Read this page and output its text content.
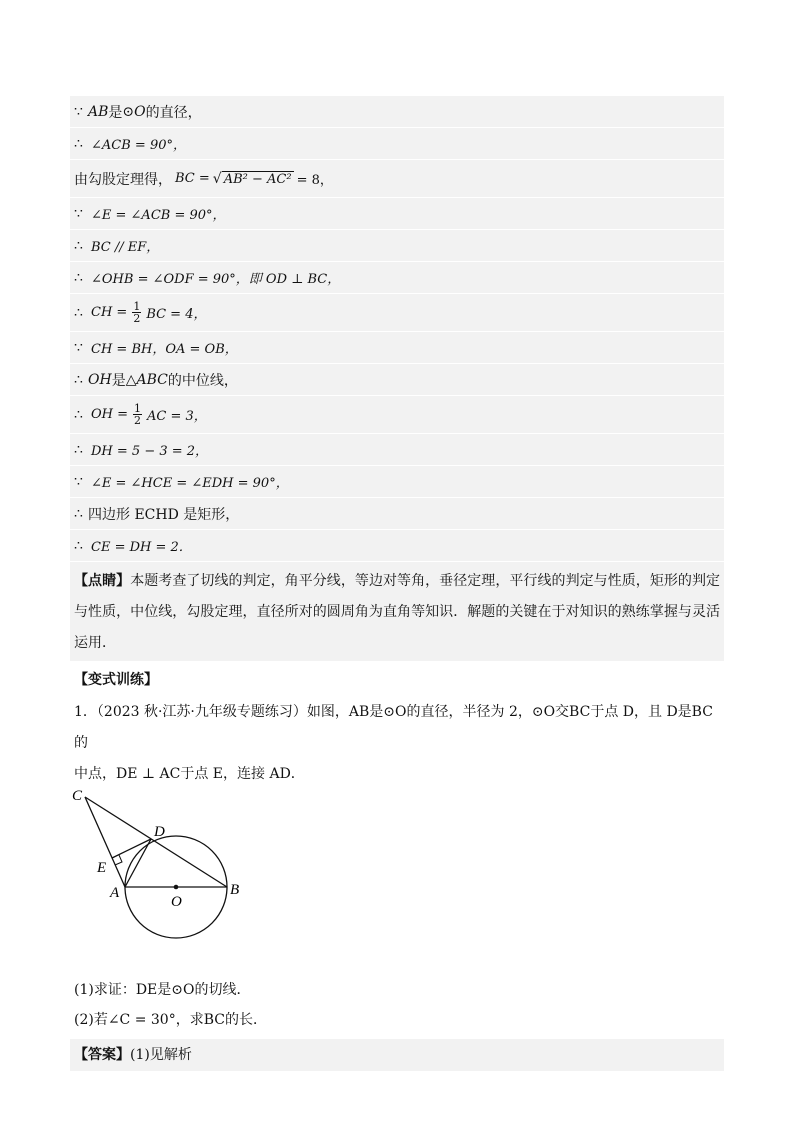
∵ AB 是 ⊙O 的直径，
∴ ∠ACB = 90°，
由勾股定理得， BC = √ AB² − AC² = 8，
∵ ∠E = ∠ACB = 90°，
∴ BC // EF，
∴ ∠OHB = ∠ODF = 90°，即 OD ⊥ BC，
∴ CH = $\frac{1}{2}$ BC = 4，
∵ CH = BH，OA = OB，
∴ OH 是 △ABC 的中位线，
∴ OH = $\frac{1}{2}$ AC = 3，
∴ DH = 5 − 3 = 2，
∵ ∠E = ∠HCE = ∠EDH = 90°，
∴ 四边形 ECHD 是矩形，
∴ CE = DH = 2．
【点睛】本题考查了切线的判定，角平分线，等边对等角，垂径定理，平行线的判定与性质，矩形的判定与性质，中位线，勾股定理，直径所对的圆周角为直角等知识．解题的关键在于对知识的熟练掌握与灵活运用．
【变式训练】
1．（2023 秋·江苏·九年级专题练习）如图，AB是⊙O的直径，半径为 2，⊙O交BC于点 D，且 D是BC的
中点，DE ⊥ AC于点 E，连接 AD．
C
D
E
A
O
B
(1)求证：DE是⊙O的切线．
(2)若∠C = 30°，求BC的长．
【答案】(1)见解析
